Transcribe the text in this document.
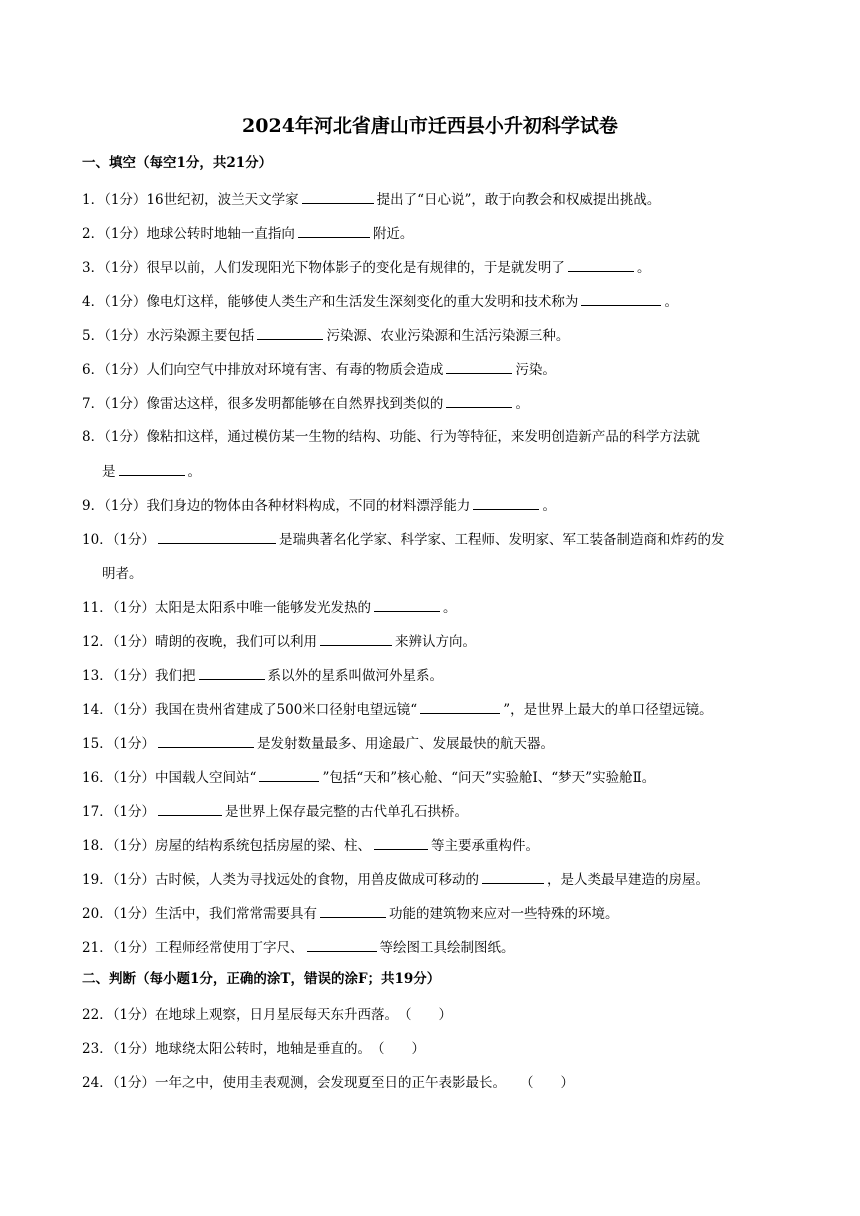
2024年河北省唐山市迁西县小升初科学试卷
一、填空（每空1分，共21分）
1．（1分）16世纪初，波兰天文学家	提出了“日心说”，敢于向教会和权威提出挑战。
2．（1分）地球公转时地轴一直指向	附近。
3．（1分）很早以前，人们发现阳光下物体影子的变化是有规律的，于是就发明了	。
4．（1分）像电灯这样，能够使人类生产和生活发生深刻变化的重大发明和技术称为	。
5．（1分）水污染源主要包括	污染源、农业污染源和生活污染源三种。
6．（1分）人们向空气中排放对环境有害、有毒的物质会造成	污染。
7．（1分）像雷达这样，很多发明都能够在自然界找到类似的	。
8．（1分）像粘扣这样，通过模仿某一生物的结构、功能、行为等特征，来发明创造新产品的科学方法就
是	。
9．（1分）我们身边的物体由各种材料构成，不同的材料漂浮能力	。
10．（1分）	是瑞典著名化学家、科学家、工程师、发明家、军工装备制造商和炸药的发
明者。
11．（1分）太阳是太阳系中唯一能够发光发热的	。
12．（1分）晴朗的夜晚，我们可以利用	来辨认方向。
13．（1分）我们把	系以外的星系叫做河外星系。
14．（1分）我国在贵州省建成了500米口径射电望远镜“	”，是世界上最大的单口径望远镜。
15．（1分）	是发射数量最多、用途最广、发展最快的航天器。
16．（1分）中国载人空间站“	”包括“天和”核心舱、“问天”实验舱Ⅰ、“梦天”实验舱Ⅱ。
17．（1分）	是世界上保存最完整的古代单孔石拱桥。
18．（1分）房屋的结构系统包括房屋的梁、柱、	等主要承重构件。
19．（1分）古时候，人类为寻找远处的食物，用兽皮做成可移动的	，是人类最早建造的房屋。
20．（1分）生活中，我们常常需要具有	功能的建筑物来应对一些特殊的环境。
21．（1分）工程师经常使用丁字尺、	等绘图工具绘制图纸。
二、判断（每小题1分，正确的涂T，错误的涂F；共19分）
22．（1分）在地球上观察，日月星辰每天东升西落。（　　）
23．（1分）地球绕太阳公转时，地轴是垂直的。（　　）
24．（1分）一年之中，使用圭表观测，会发现夏至日的正午表影最长。 （　　）
